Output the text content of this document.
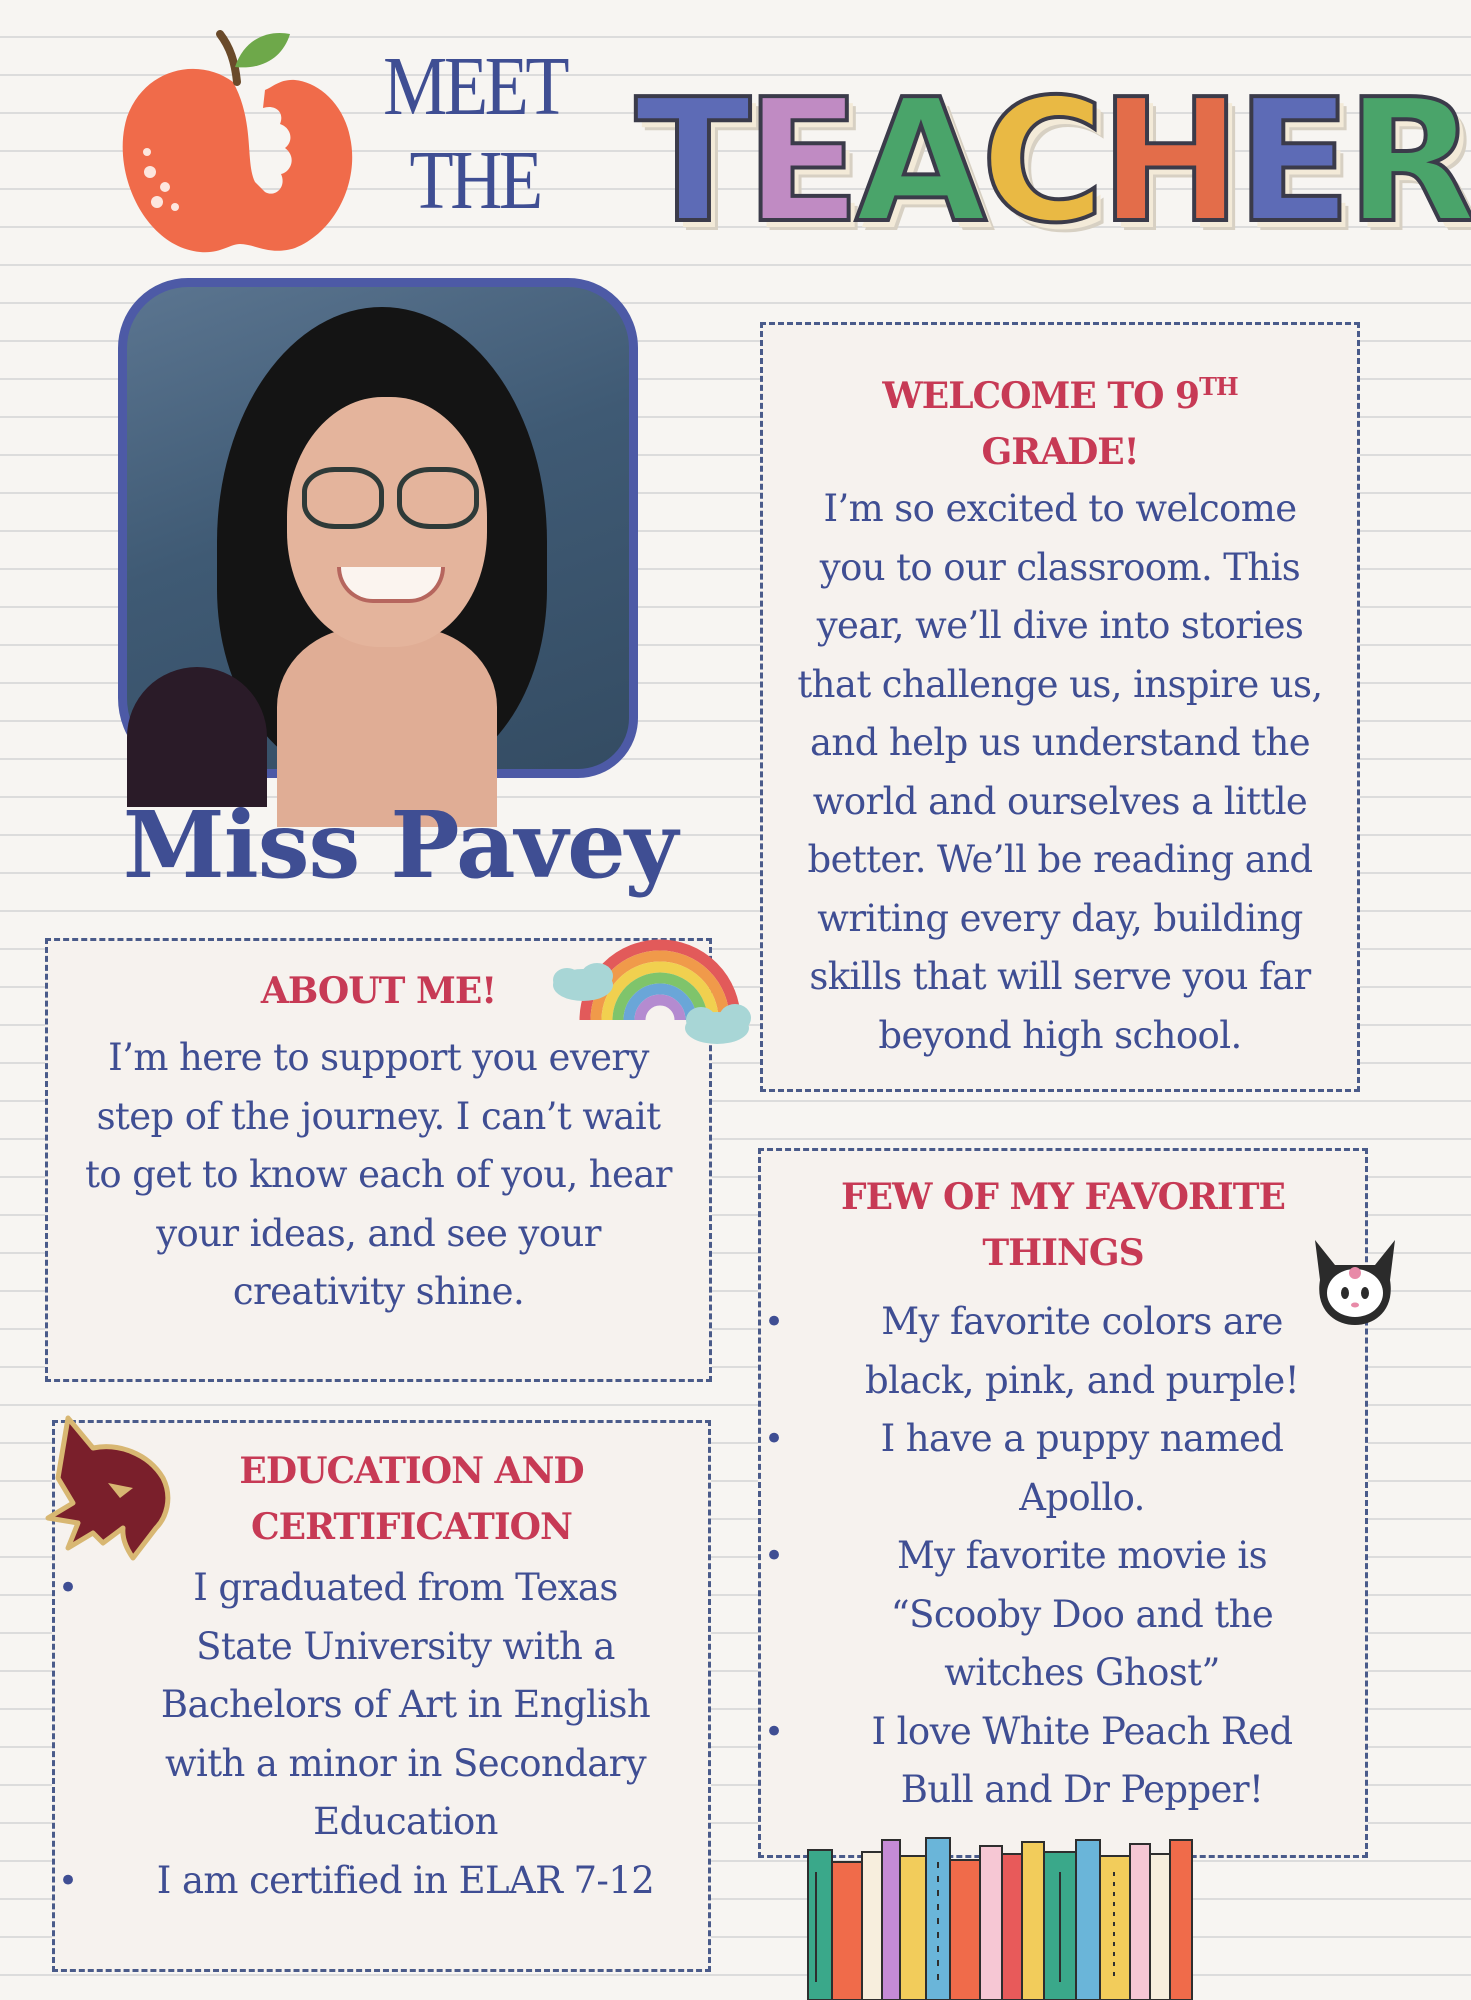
MEET
THE TEACHER
Miss Pavey
WELCOME TO 9TH
GRADE!
I’m so excited to welcome
you to our classroom. This
year, we’ll dive into stories
that challenge us, inspire us,
and help us understand the
world and ourselves a little
better. We’ll be reading and
writing every day, building
skills that will serve you far
beyond high school.
ABOUT ME!
I’m here to support you every
step of the journey. I can’t wait
to get to know each of you, hear
your ideas, and see your
creativity shine.
EDUCATION AND
CERTIFICATION
• I graduated from Texas
State University with a
Bachelors of Art in English
with a minor in Secondary
Education
• I am certified in ELAR 7-12
FEW OF MY FAVORITE
THINGS
• My favorite colors are
black, pink, and purple!
• I have a puppy named
Apollo.
• My favorite movie is
“Scooby Doo and the
witches Ghost”
• I love White Peach Red
Bull and Dr Pepper!
